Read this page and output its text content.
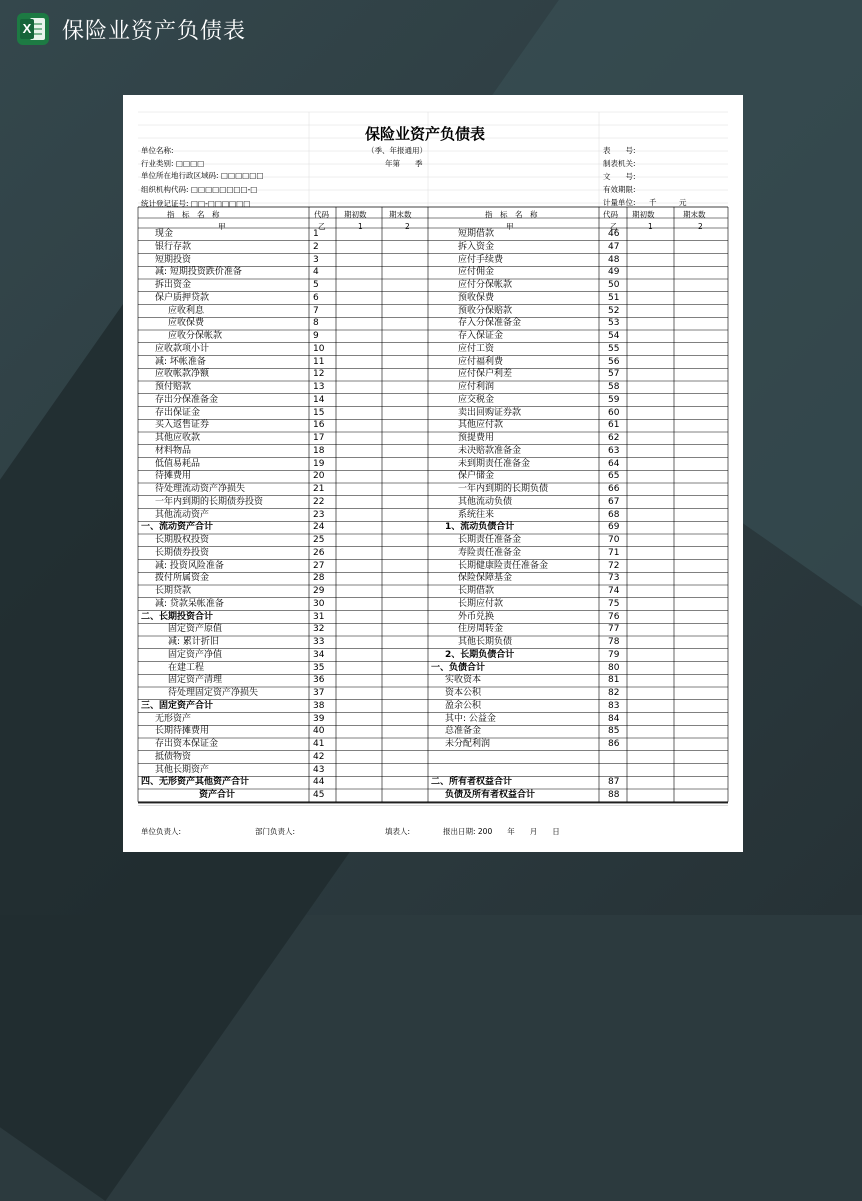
X 保险业资产负债表
保险业资产负债表
（季、年报通用）
年第　　季
单位名称:
行业类别: □□□□
单位所在地行政区域码: □□□□□□
组织机构代码: □□□□□□□□-□
统计登记证号: □□-□□□□□□
表　　号:
制表机关:
文　　号:
有效期限:
计量单位: 千　　　元
指　标　名　称	代码 期初数	期末数	指　标　名　称	代码 期初数	期末数
甲	乙	1	2	甲	乙	1	2
现金	1
银行存款	2
短期投资	3
减: 短期投资跌价准备	4
拆出资金	5
保户质押贷款	6
应收利息	7
应收保费	8
应收分保帐款	9
应收款项小计	10
减: 坏帐准备	11
应收帐款净额	12
预付赔款	13
存出分保准备金	14
存出保证金	15
买入返售证券	16
其他应收款	17
材料物品	18
低值易耗品	19
待摊费用	20
待处理流动资产净损失	21
一年内到期的长期债券投资	22
其他流动资产	23
一、流动资产合计	24
长期股权投资	25
长期债券投资	26
减: 投资风险准备	27
拨付所属资金	28
长期贷款	29
减: 贷款呆帐准备	30
二、长期投资合计	31
固定资产原值	32
减: 累计折旧	33
固定资产净值	34
在建工程	35
固定资产清理	36
待处理固定资产净损失	37
三、固定资产合计	38
无形资产	39
长期待摊费用	40
存出资本保证金	41
抵债物资	42
其他长期资产	43
四、无形资产其他资产合计	44
资产合计	45
短期借款	46
拆入资金	47
应付手续费	48
应付佣金	49
应付分保帐款	50
预收保费	51
预收分保赔款	52
存入分保准备金	53
存入保证金	54
应付工资	55
应付福利费	56
应付保户利差	57
应付利润	58
应交税金	59
卖出回购证券款	60
其他应付款	61
预提费用	62
未决赔款准备金	63
未到期责任准备金	64
保户储金	65
一年内到期的长期负债	66
其他流动负债	67
系统往来	68
1、流动负债合计	69
长期责任准备金	70
寿险责任准备金	71
长期健康险责任准备金	72
保险保障基金	73
长期借款	74
长期应付款	75
外币兑换	76
住房周转金	77
其他长期负债	78
2、长期负债合计	79
一、负债合计	80
实收资本	81
资本公积	82
盈余公积	83
其中: 公益金	84
总准备金	85
未分配利润	86
二、所有者权益合计	87
负债及所有者权益合计	88
单位负责人:	部门负责人:	填表人:	报出日期: 200　　年　　月　　日
